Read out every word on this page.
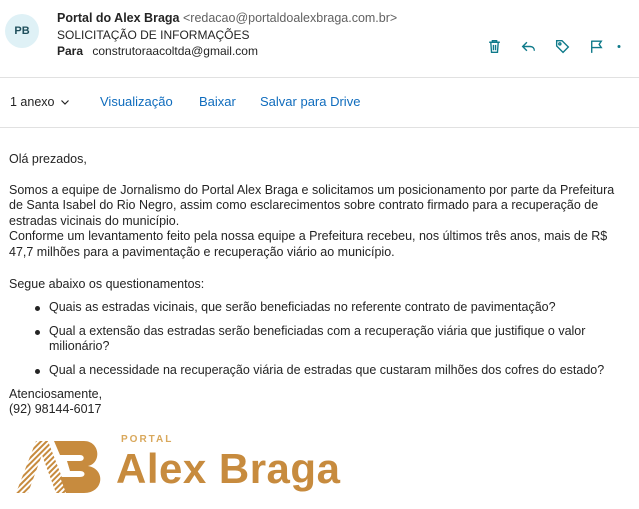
PB
Portal do Alex Braga <redacao@portaldoalexbraga.com.br>
SOLICITAÇÃO DE INFORMAÇÕES
Para construtoraacoltda@gmail.com
1 anexo	Visualização Baixar Salvar para Drive

Olá prezados,

Somos a equipe de Jornalismo do Portal Alex Braga e solicitamos um posicionamento por parte da Prefeitura de Santa Isabel do Rio Negro, assim como esclarecimentos sobre contrato firmado para a recuperação de estradas vicinais do município.

Conforme um levantamento feito pela nossa equipe a Prefeitura recebeu, nos últimos três anos, mais de R$ 47,7 milhões para a pavimentação e recuperação viário ao município.

Segue abaixo os questionamentos:

Quais as estradas vicinais, que serão beneficiadas no referente contrato de pavimentação?
Qual a extensão das estradas serão beneficiadas com a recuperação viária que justifique o valor milionário?
Qual a necessidade na recuperação viária de estradas que custaram milhões dos cofres do estado?

Atenciosamente,

(92) 98144-6017

PORTAL
Alex Braga
